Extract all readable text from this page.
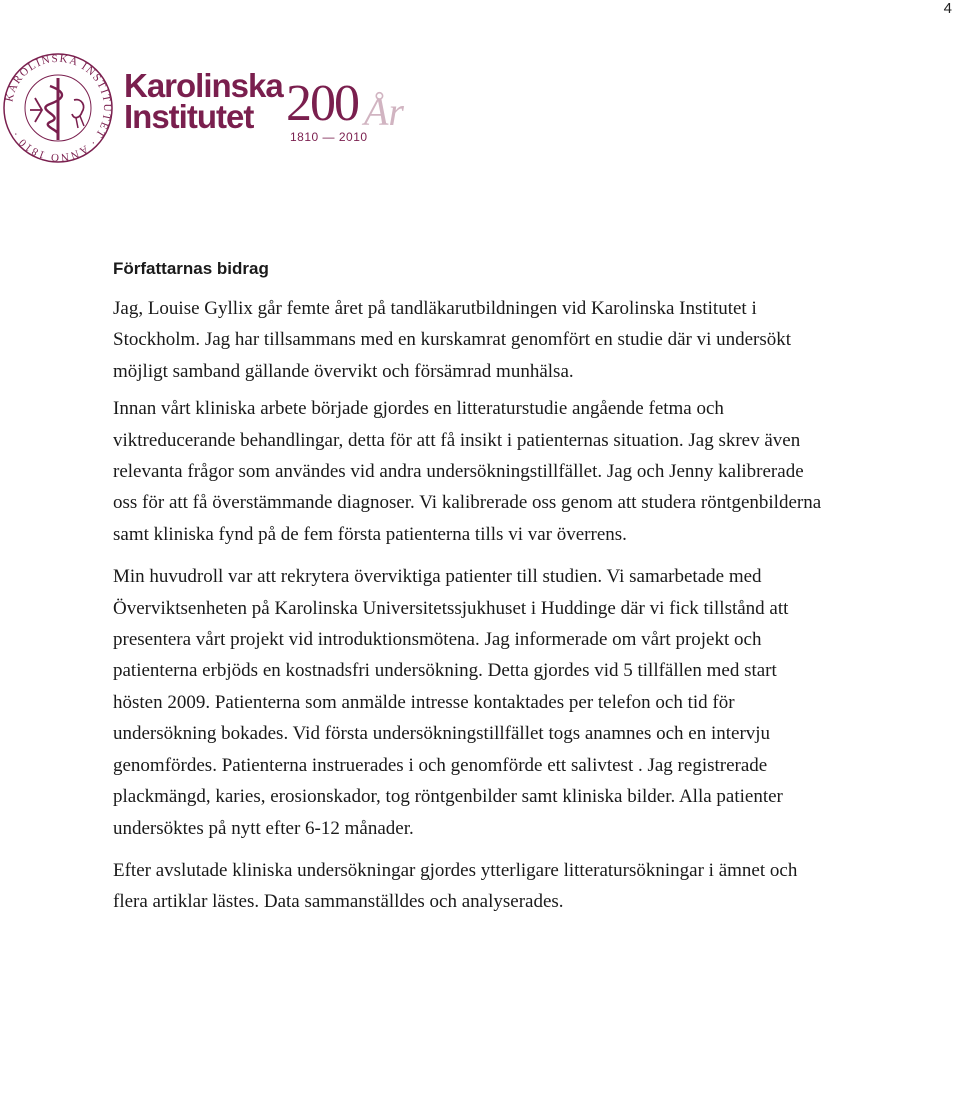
4
KAROLINSKA INSTITUTET · ANNO 1810 ·
Karolinska
Institutet	År
200
1810 — 2010
Författarnas bidrag

Jag, Louise Gyllix går femte året på tandläkarutbildningen vid Karolinska Institutet i Stockholm. Jag har tillsammans med en kurskamrat genomfört en studie där vi undersökt möjligt samband gällande övervikt och försämrad munhälsa.

Innan vårt kliniska arbete började gjordes en litteraturstudie angående fetma och viktreducerande behandlingar, detta för att få insikt i patienternas situation. Jag skrev även relevanta frågor som användes vid andra undersökningstillfället. Jag och Jenny kalibrerade oss för att få överstämmande diagnoser. Vi kalibrerade oss genom att studera röntgenbilderna samt kliniska fynd på de fem första patienterna tills vi var överrens.

Min huvudroll var att rekrytera överviktiga patienter till studien. Vi samarbetade med Överviktsenheten på Karolinska Universitetssjukhuset i Huddinge där vi fick tillstånd att presentera vårt projekt vid introduktionsmötena. Jag informerade om vårt projekt och patienterna erbjöds en kostnadsfri undersökning. Detta gjordes vid 5 tillfällen med start hösten 2009. Patienterna som anmälde intresse kontaktades per telefon och tid för undersökning bokades. Vid första undersökningstillfället togs anamnes och en intervju genomfördes. Patienterna instruerades i och genomförde ett salivtest . Jag registrerade plackmängd, karies, erosionskador, tog röntgenbilder samt kliniska bilder. Alla patienter undersöktes på nytt efter 6-12 månader.

Efter avslutade kliniska undersökningar gjordes ytterligare litteratursökningar i ämnet och flera artiklar lästes. Data sammanställdes och analyserades.
